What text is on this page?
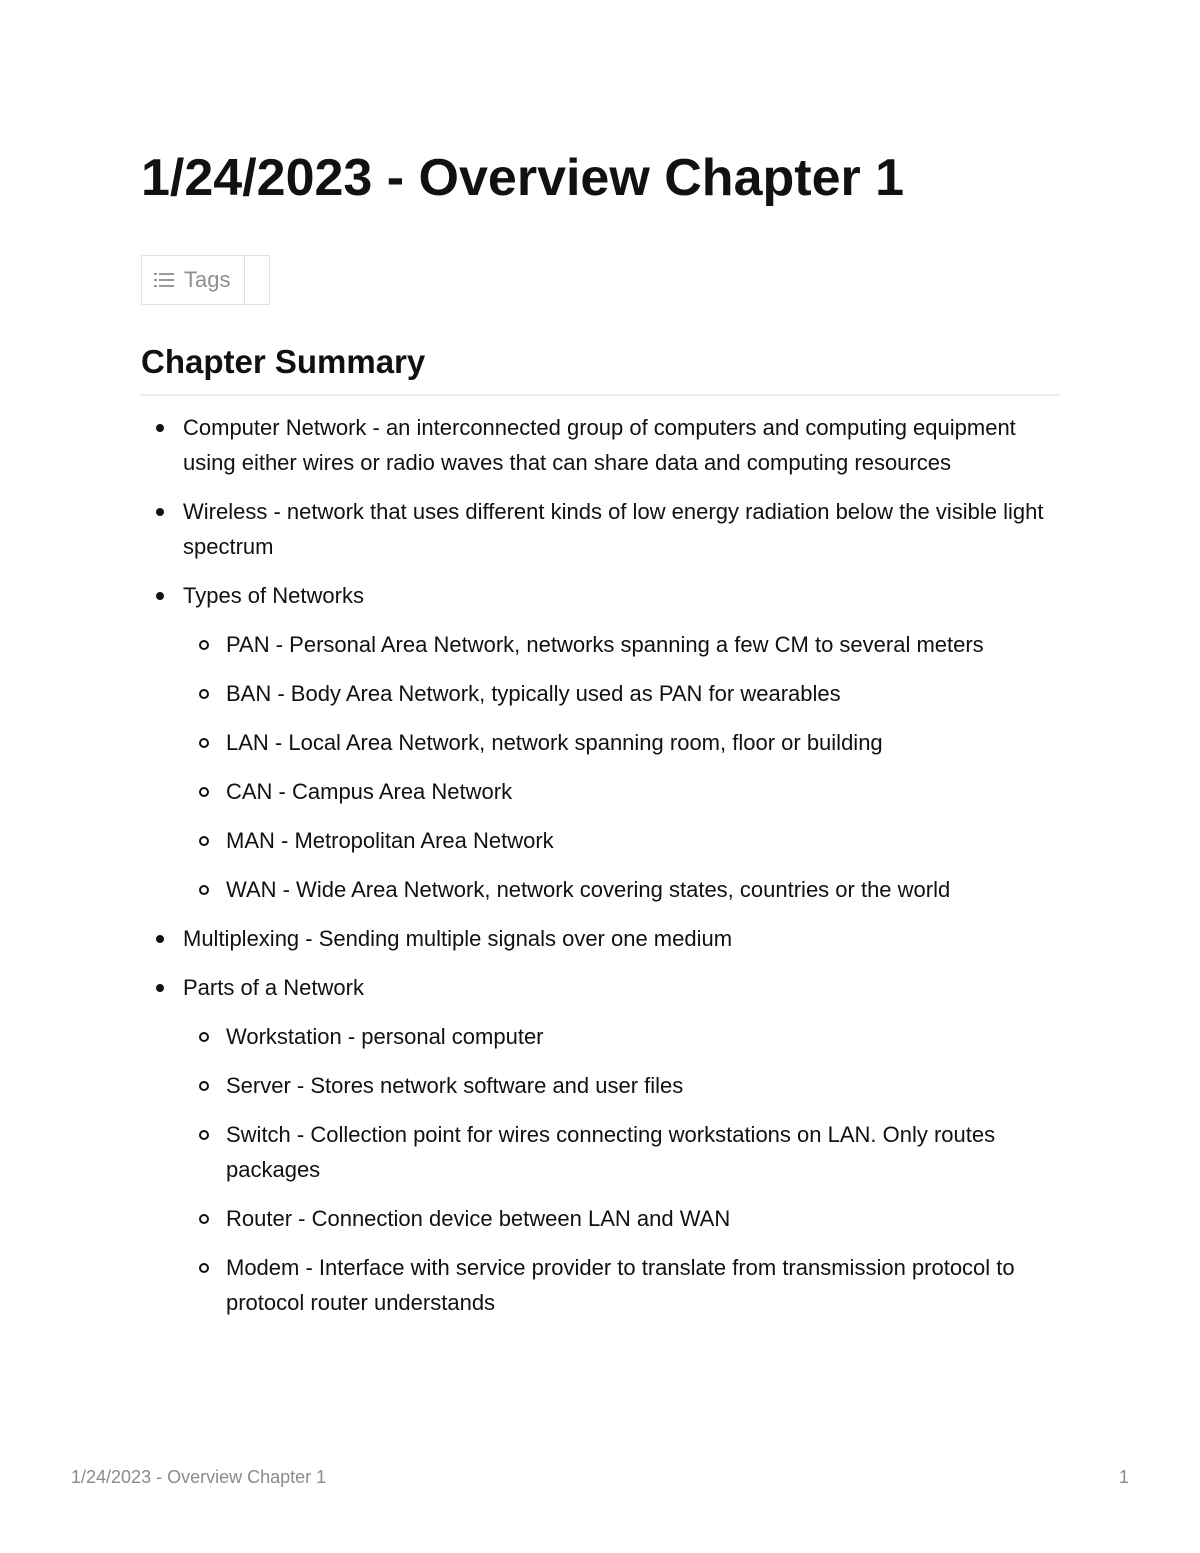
1/24/2023 - Overview Chapter 1
Tags
Chapter Summary
Computer Network - an interconnected group of computers and computing equipment using either wires or radio waves that can share data and computing resources
Wireless - network that uses different kinds of low energy radiation below the visible light spectrum
Types of Networks
PAN - Personal Area Network, networks spanning a few CM to several meters
BAN - Body Area Network, typically used as PAN for wearables
LAN - Local Area Network, network spanning room, floor or building
CAN - Campus Area Network
MAN - Metropolitan Area Network
WAN - Wide Area Network, network covering states, countries or the world
Multiplexing - Sending multiple signals over one medium
Parts of a Network
Workstation - personal computer
Server - Stores network software and user files
Switch - Collection point for wires connecting workstations on LAN. Only routes packages
Router - Connection device between LAN and WAN
Modem - Interface with service provider to translate from transmission protocol to protocol router understands
1/24/2023 - Overview Chapter 1	1
